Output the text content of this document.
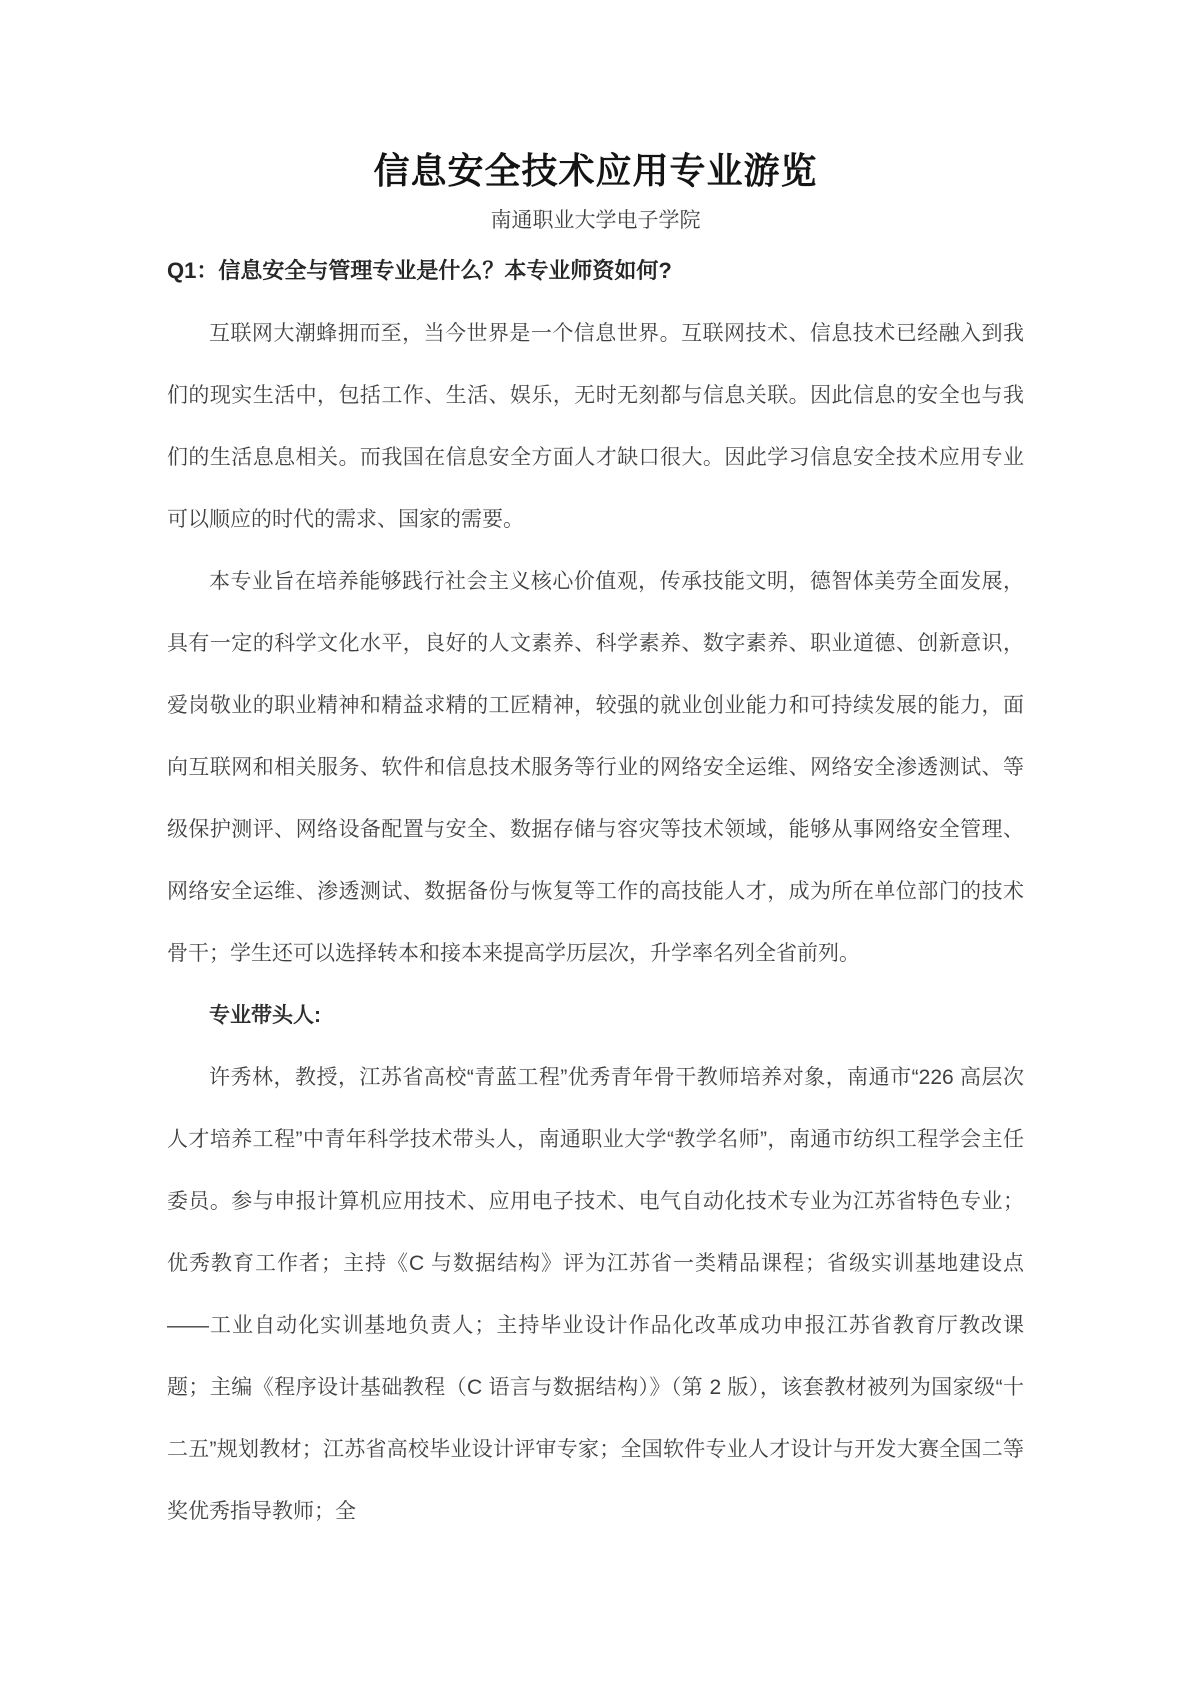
信息安全技术应用专业游览
南通职业大学电子学院
Q1：信息安全与管理专业是什么？本专业师资如何?

互联网大潮蜂拥而至，当今世界是一个信息世界。互联网技术、信息技术已经融入到我们的现实生活中，包括工作、生活、娱乐，无时无刻都与信息关联。因此信息的安全也与我们的生活息息相关。而我国在信息安全方面人才缺口很大。因此学习信息安全技术应用专业可以顺应的时代的需求、国家的需要。

本专业旨在培养能够践行社会主义核心价值观，传承技能文明，德智体美劳全面发展，具有一定的科学文化水平，良好的人文素养、科学素养、数字素养、职业道德、创新意识，爱岗敬业的职业精神和精益求精的工匠精神，较强的就业创业能力和可持续发展的能力，面向互联网和相关服务、软件和信息技术服务等行业的网络安全运维、网络安全渗透测试、等级保护测评、网络设备配置与安全、数据存储与容灾等技术领域，能够从事网络安全管理、网络安全运维、渗透测试、数据备份与恢复等工作的高技能人才，成为所在单位部门的技术骨干；学生还可以选择转本和接本来提高学历层次，升学率名列全省前列。

专业带头人:

许秀林，教授，江苏省高校“青蓝工程”优秀青年骨干教师培养对象，南通市“226 高层次人才培养工程”中青年科学技术带头人，南通职业大学“教学名师”，南通市纺织工程学会主任委员。参与申报计算机应用技术、应用电子技术、电气自动化技术专业为江苏省特色专业；优秀教育工作者；主持《C 与数据结构》评为江苏省一类精品课程；省级实训基地建设点——工业自动化实训基地负责人；主持毕业设计作品化改革成功申报江苏省教育厅教改课题；主编《程序设计基础教程（C 语言与数据结构）》（第 2 版），该套教材被列为国家级“十二五”规划教材；江苏省高校毕业设计评审专家；全国软件专业人才设计与开发大赛全国二等奖优秀指导教师；全
